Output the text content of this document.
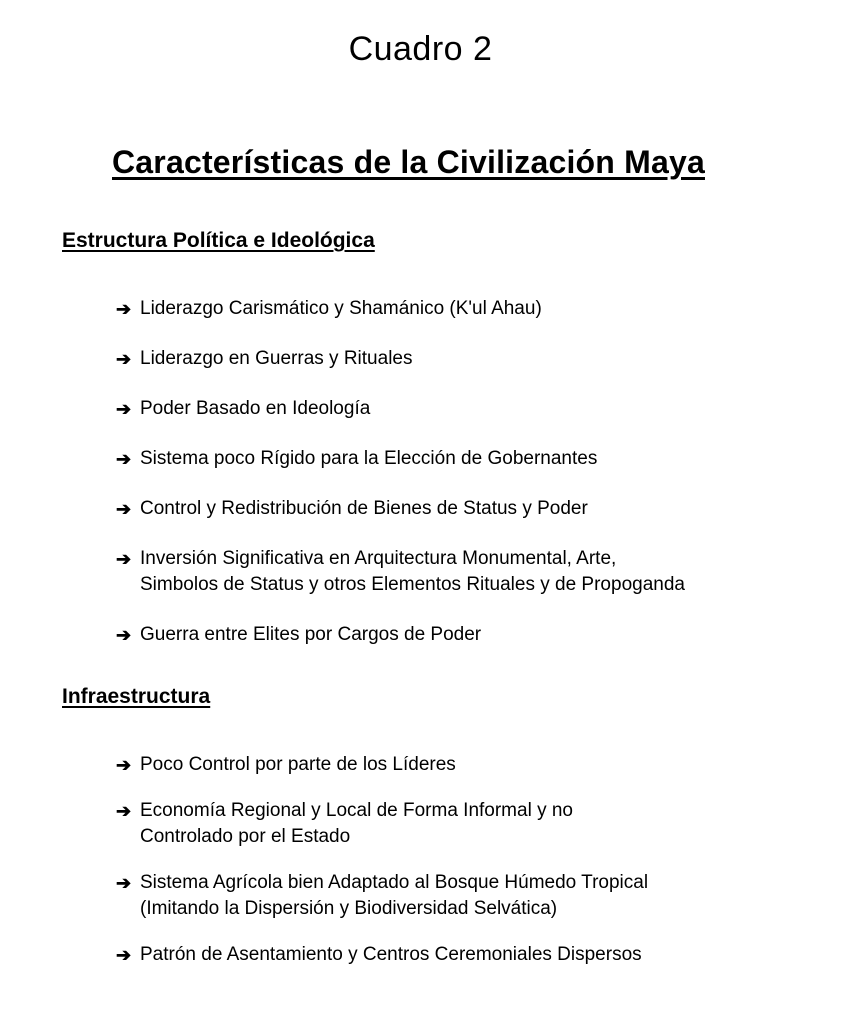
Cuadro 2
Características de la Civilización Maya
Estructura Política e Ideológica
➔ Liderazgo Carismático y Shamánico (K'ul Ahau)
➔ Liderazgo en Guerras y Rituales
➔ Poder Basado en Ideología
➔ Sistema poco Rígido para la Elección de Gobernantes
➔ Control y Redistribución de Bienes de Status y Poder
➔ Inversión Significativa en Arquitectura Monumental, Arte,
Simbolos de Status y otros Elementos Rituales y de Propoganda
➔ Guerra entre Elites por Cargos de Poder
Infraestructura
➔ Poco Control por parte de los Líderes
➔ Economía Regional y Local de Forma Informal y no
Controlado por el Estado
➔ Sistema Agrícola bien Adaptado al Bosque Húmedo Tropical
(Imitando la Dispersión y Biodiversidad Selvática)
➔ Patrón de Asentamiento y Centros Ceremoniales Dispersos
